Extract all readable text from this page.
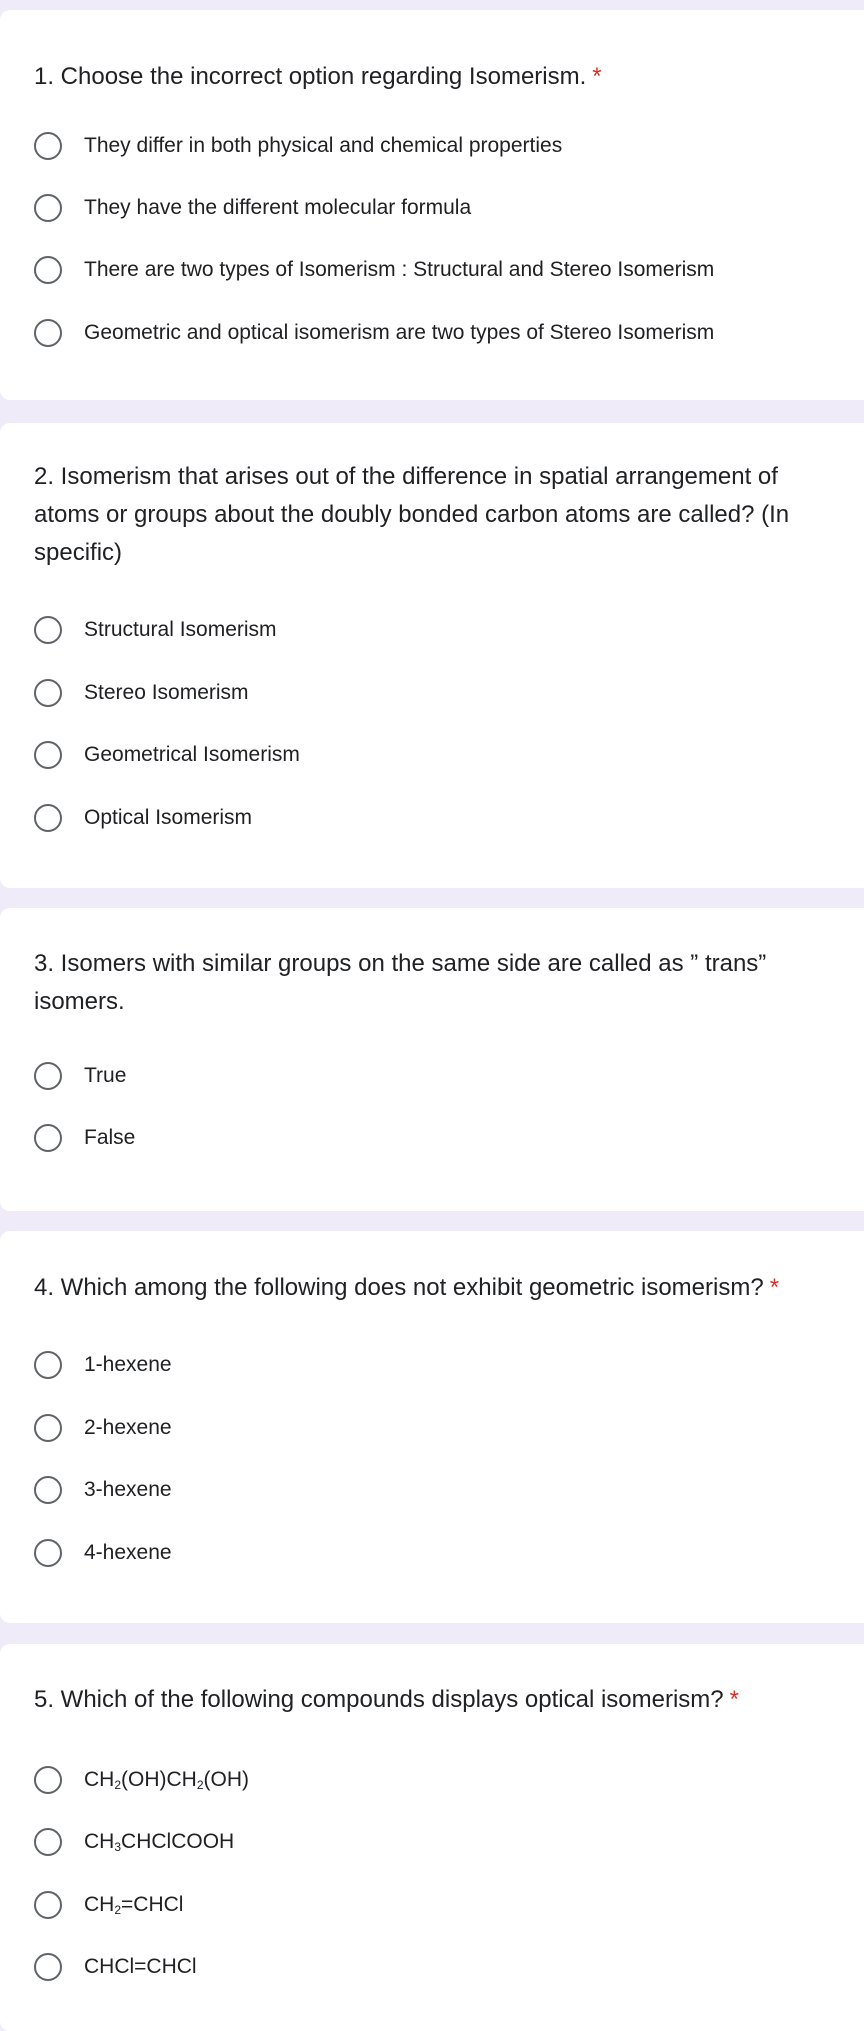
1. Choose the incorrect option regarding Isomerism. *
They differ in both physical and chemical properties
They have the different molecular formula
There are two types of Isomerism : Structural and Stereo Isomerism
Geometric and optical isomerism are two types of Stereo Isomerism
2. Isomerism that arises out of the difference in spatial arrangement of atoms or groups about the doubly bonded carbon atoms are called? (In specific)
Structural Isomerism
Stereo Isomerism
Geometrical Isomerism
Optical Isomerism
3. Isomers with similar groups on the same side are called as ” trans” isomers.
True
False
4. Which among the following does not exhibit geometric isomerism? *
1-hexene
2-hexene
3-hexene
4-hexene
5. Which of the following compounds displays optical isomerism? *
$CH_2(OH)CH_2(OH)$
$CH_3CHClCOOH$
$CH_2=CHCl$
CHCl=CHCl
